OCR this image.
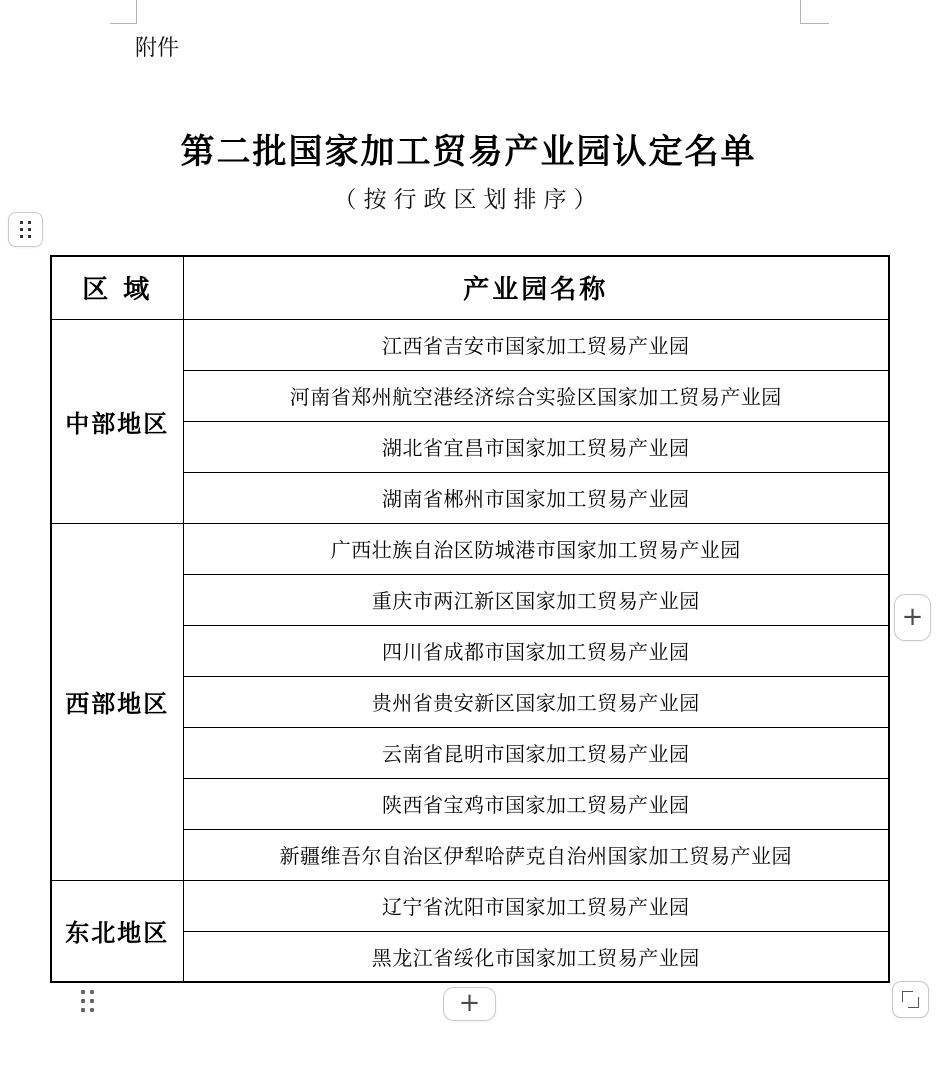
附件
第二批国家加工贸易产业园认定名单
（按行政区划排序）
区 域	产业园名称
中部地区	江西省吉安市国家加工贸易产业园
	河南省郑州航空港经济综合实验区国家加工贸易产业园
	湖北省宜昌市国家加工贸易产业园
	湖南省郴州市国家加工贸易产业园
西部地区	广西壮族自治区防城港市国家加工贸易产业园
	重庆市两江新区国家加工贸易产业园
	四川省成都市国家加工贸易产业园
	贵州省贵安新区国家加工贸易产业园
	云南省昆明市国家加工贸易产业园
	陕西省宝鸡市国家加工贸易产业园
	新疆维吾尔自治区伊犁哈萨克自治州国家加工贸易产业园
东北地区	辽宁省沈阳市国家加工贸易产业园
	黑龙江省绥化市国家加工贸易产业园
+
+
